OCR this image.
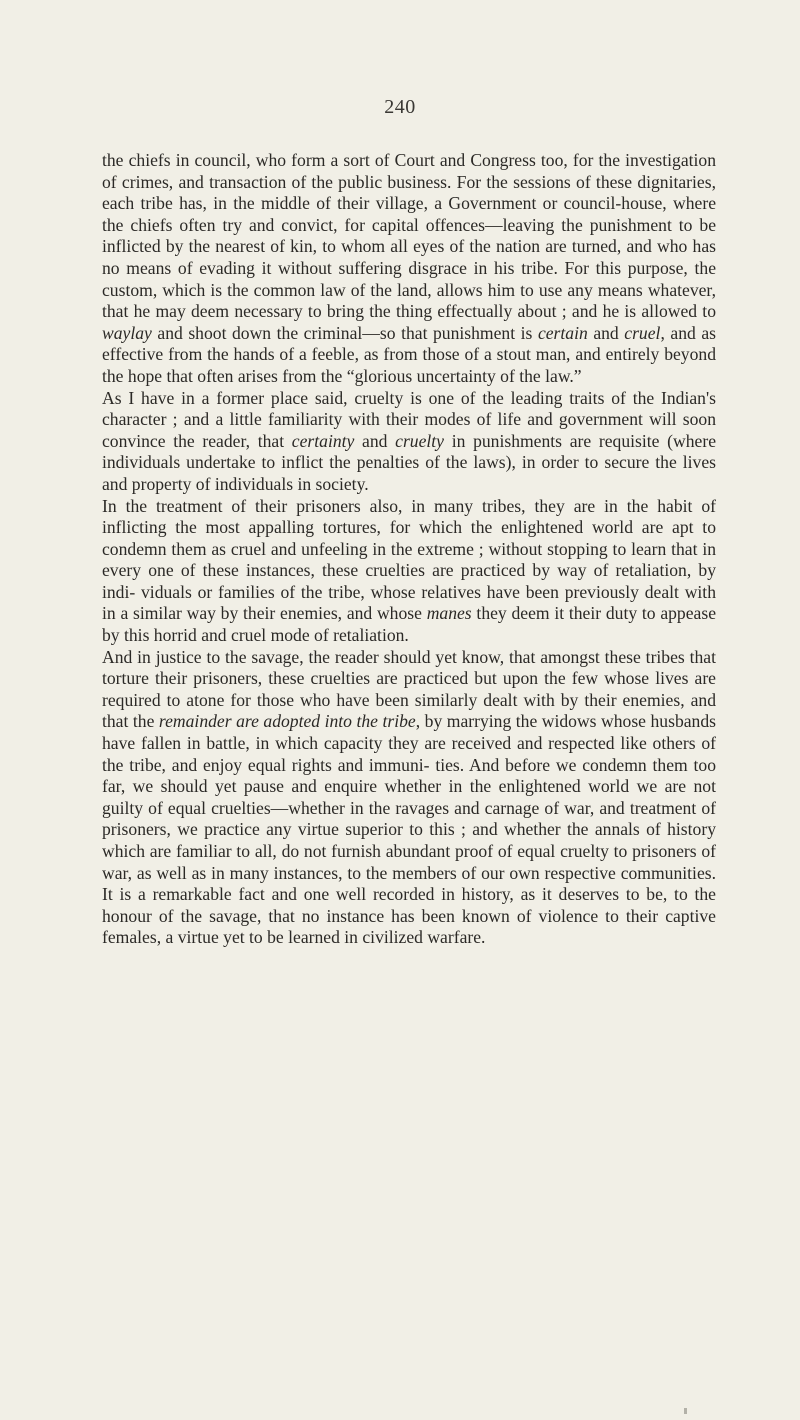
240

the chiefs in council, who form a sort of Court and Congress too, for the investigation of crimes, and transaction of the public business. For the sessions of these dignitaries, each tribe has, in the middle of their village, a Government or council-house, where the chiefs often try and convict, for capital offences—leaving the punishment to be inflicted by the nearest of kin, to whom all eyes of the nation are turned, and who has no means of evading it without suffering disgrace in his tribe. For this purpose, the custom, which is the common law of the land, allows him to use any means whatever, that he may deem necessary to bring the thing effectually about ; and he is allowed to waylay and shoot down the criminal—so that punishment is certain and cruel, and as effective from the hands of a feeble, as from those of a stout man, and entirely beyond the hope that often arises from the “glorious uncertainty of the law.”

As I have in a former place said, cruelty is one of the leading traits of the Indian's character ; and a little familiarity with their modes of life and government will soon convince the reader, that certainty and cruelty in punishments are requisite (where individuals undertake to inflict the penalties of the laws), in order to secure the lives and property of individuals in society.

In the treatment of their prisoners also, in many tribes, they are in the habit of inflicting the most appalling tortures, for which the enlightened world are apt to condemn them as cruel and unfeeling in the extreme ; without stopping to learn that in every one of these instances, these cruelties are practiced by way of retaliation, by indi- viduals or families of the tribe, whose relatives have been previously dealt with in a similar way by their enemies, and whose manes they deem it their duty to appease by this horrid and cruel mode of retaliation.

And in justice to the savage, the reader should yet know, that amongst these tribes that torture their prisoners, these cruelties are practiced but upon the few whose lives are required to atone for those who have been similarly dealt with by their enemies, and that the remainder are adopted into the tribe, by marrying the widows whose husbands have fallen in battle, in which capacity they are received and respected like others of the tribe, and enjoy equal rights and immuni- ties. And before we condemn them too far, we should yet pause and enquire whether in the enlightened world we are not guilty of equal cruelties—whether in the ravages and carnage of war, and treatment of prisoners, we practice any virtue superior to this ; and whether the annals of history which are familiar to all, do not furnish abundant proof of equal cruelty to prisoners of war, as well as in many instances, to the members of our own respective communities. It is a remarkable fact and one well recorded in history, as it deserves to be, to the honour of the savage, that no instance has been known of violence to their captive females, a virtue yet to be learned in civilized warfare.
